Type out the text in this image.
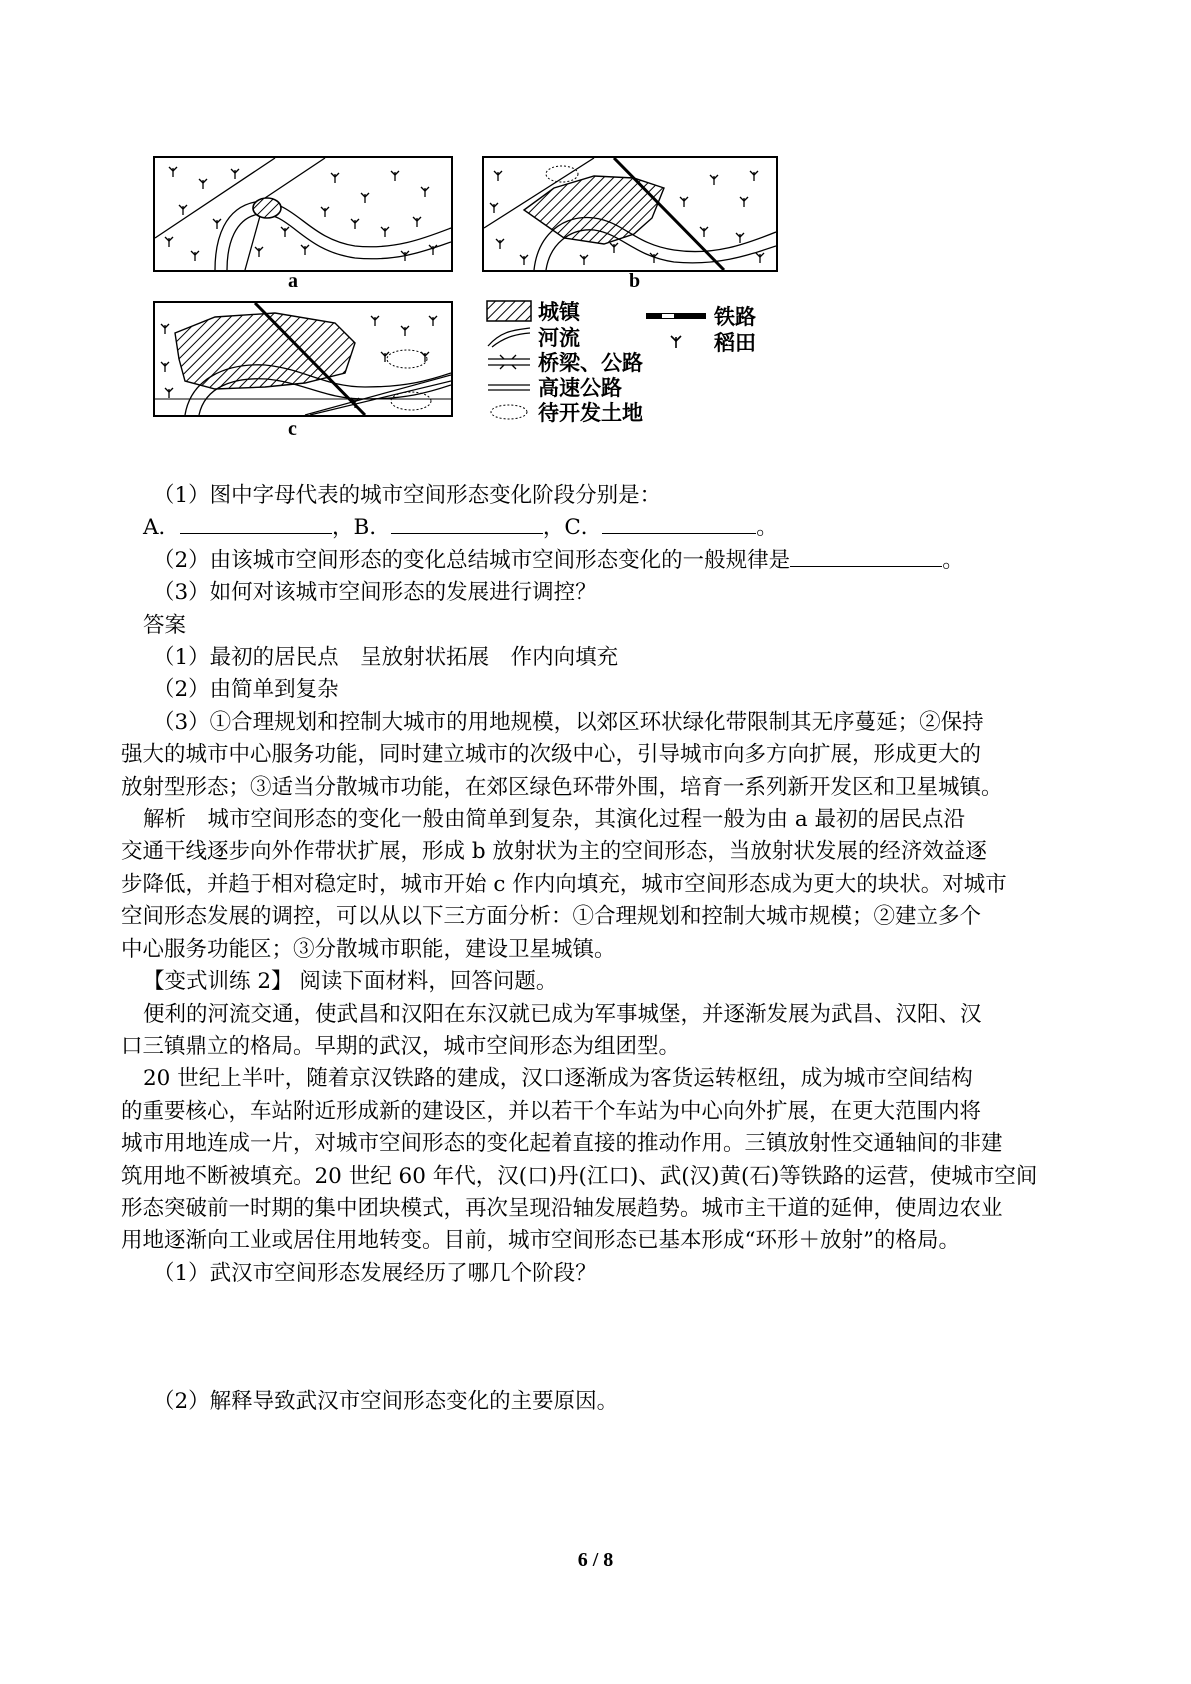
a	b
c
城镇
河流
桥梁、公路
高速公路
待开发土地
铁路
稻田

（1）图中字母代表的城市空间形态变化阶段分别是：

A．	，B．	，C．	。

（2）由该城市空间形态的变化总结城市空间形态变化的一般规律是	。

（3）如何对该城市空间形态的发展进行调控？

答案

（1）最初的居民点　呈放射状拓展　作内向填充

（2）由简单到复杂

（3）①合理规划和控制大城市的用地规模，以郊区环状绿化带限制其无序蔓延；②保持

强大的城市中心服务功能，同时建立城市的次级中心，引导城市向多方向扩展，形成更大的

放射型形态；③适当分散城市功能，在郊区绿色环带外围，培育一系列新开发区和卫星城镇。

解析　城市空间形态的变化一般由简单到复杂，其演化过程一般为由 a 最初的居民点沿

交通干线逐步向外作带状扩展，形成 b 放射状为主的空间形态，当放射状发展的经济效益逐

步降低，并趋于相对稳定时，城市开始 c 作内向填充，城市空间形态成为更大的块状。对城市

空间形态发展的调控，可以从以下三方面分析：①合理规划和控制大城市规模；②建立多个

中心服务功能区；③分散城市职能，建设卫星城镇。

【变式训练 2】 阅读下面材料，回答问题。

便利的河流交通，使武昌和汉阳在东汉就已成为军事城堡，并逐渐发展为武昌、汉阳、汉

口三镇鼎立的格局。早期的武汉，城市空间形态为组团型。

20 世纪上半叶，随着京汉铁路的建成，汉口逐渐成为客货运转枢纽，成为城市空间结构

的重要核心，车站附近形成新的建设区，并以若干个车站为中心向外扩展，在更大范围内将

城市用地连成一片，对城市空间形态的变化起着直接的推动作用。三镇放射性交通轴间的非建

筑用地不断被填充。20 世纪 60 年代，汉(口)丹(江口)、武(汉)黄(石)等铁路的运营，使城市空间

形态突破前一时期的集中团块模式，再次呈现沿轴发展趋势。城市主干道的延伸，使周边农业

用地逐渐向工业或居住用地转变。目前，城市空间形态已基本形成“环形＋放射”的格局。

（1）武汉市空间形态发展经历了哪几个阶段？

（2）解释导致武汉市空间形态变化的主要原因。

6 / 8
